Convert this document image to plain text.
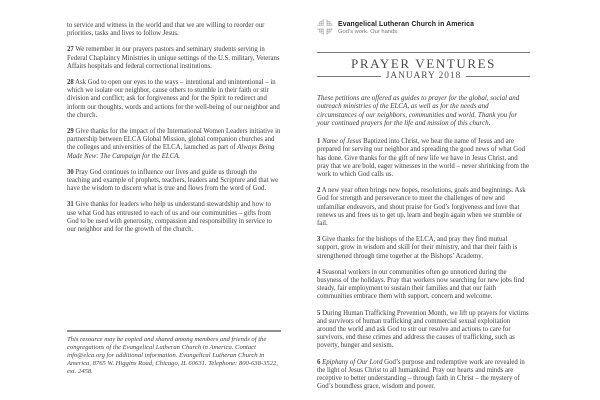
to service and witness in the world and that we are willing to reorder our priorities, tasks and lives to follow Jesus.

27 We remember in our prayers pastors and seminary students serving in Federal Chaplaincy Ministries in unique settings of the U.S. military, Veterans Affairs hospitals and federal correctional institutions.

28 Ask God to open our eyes to the ways – intentional and unintentional – in which we isolate our neighbor, cause others to stumble in their faith or stir division and conflict; ask for forgiveness and for the Spirit to redirect and inform our thoughts, words and actions for the well-being of our neighbor and the church.

29 Give thanks for the impact of the International Women Leaders initiative in partnership between ELCA Global Mission, global companion churches and the colleges and universities of the ELCA, launched as part of Always Being Made New: The Campaign for the ELCA.

30 Pray God continues to influence our lives and guide us through the teaching and example of prophets, teachers, leaders and Scripture and that we have the wisdom to discern what is true and flows from the word of God.

31 Give thanks for leaders who help us understand stewardship and how to use what God has entrusted to each of us and our communities – gifts from God to be used with generosity, compassion and responsibility in service to our neighbor and for the growth of the church.

This resource may be copied and shared among members and friends of the congregations of the Evangelical Lutheran Church in America. Contact info@elca.org for additional information. Evangelical Lutheran Church in America, 8765 W. Higgins Road, Chicago, IL 60631. Telephone: 800-638-3522, ext. 2458.
Evangelical Lutheran Church in America
God’s work. Our hands.
PRAYER VENTURES
JANUARY 2018

These petitions are offered as guides to prayer for the global, social and outreach ministries of the ELCA, as well as for the needs and circumstances of our neighbors, communities and world. Thank you for your continued prayers for the life and mission of this church.

1 Name of Jesus Baptized into Christ, we bear the name of Jesus and are prepared for serving our neighbor and spreading the good news of what God has done. Give thanks for the gift of new life we have in Jesus Christ, and pray that we are bold, eager witnesses in the world – never shrinking from the work to which God calls us.

2 A new year often brings new hopes, resolutions, goals and beginnings. Ask God for strength and perseverance to meet the challenges of new and unfamiliar endeavors, and shout praise for God’s forgiveness and love that renews us and frees us to get up, learn and begin again when we stumble or fail.

3 Give thanks for the bishops of the ELCA, and pray they find mutual support, grow in wisdom and skill for their ministry, and that their faith is strengthened through time together at the Bishops’ Academy.

4 Seasonal workers in our communities often go unnoticed during the busyness of the holidays. Pray that workers now searching for new jobs find steady, fair employment to sustain their families and that our faith communities embrace them with support, concern and welcome.

5 During Human Trafficking Prevention Month, we lift up prayers for victims and survivors of human trafficking and commercial sexual exploitation around the world and ask God to stir our resolve and actions to care for survivors, end these crimes and address the causes of trafficking, such as poverty, hunger and sexism.

6 Epiphany of Our Lord God’s purpose and redemptive work are revealed in the light of Jesus Christ to all humankind. Pray our hearts and minds are receptive to better understanding – through faith in Christ – the mystery of God’s boundless grace, wisdom and power.
